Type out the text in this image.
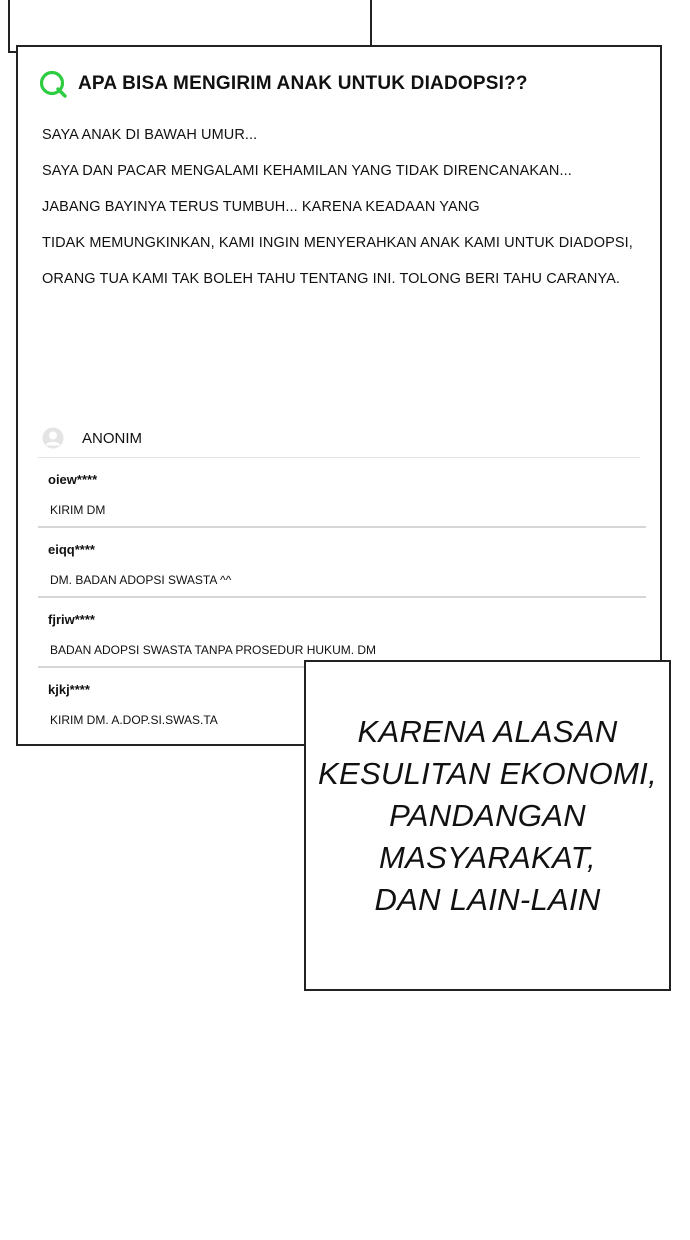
APA BISA MENGIRIM ANAK UNTUK DIADOPSI??
SAYA ANAK DI BAWAH UMUR...
SAYA DAN PACAR MENGALAMI KEHAMILAN YANG TIDAK DIRENCANAKAN...
JABANG BAYINYA TERUS TUMBUH... KARENA KEADAAN YANG
TIDAK MEMUNGKINKAN, KAMI INGIN MENYERAHKAN ANAK KAMI UNTUK DIADOPSI,
ORANG TUA KAMI TAK BOLEH TAHU TENTANG INI. TOLONG BERI TAHU CARANYA.
ANONIM
oiew****
KIRIM DM
eiqq****
DM. BADAN ADOPSI SWASTA ^^
fjriw****
BADAN ADOPSI SWASTA TANPA PROSEDUR HUKUM. DM
kjkj****
KIRIM DM. A.DOP.SI.SWAS.TA	KARENA ALASAN
KESULITAN EKONOMI,
PANDANGAN
MASYARAKAT,
DAN LAIN-LAIN
